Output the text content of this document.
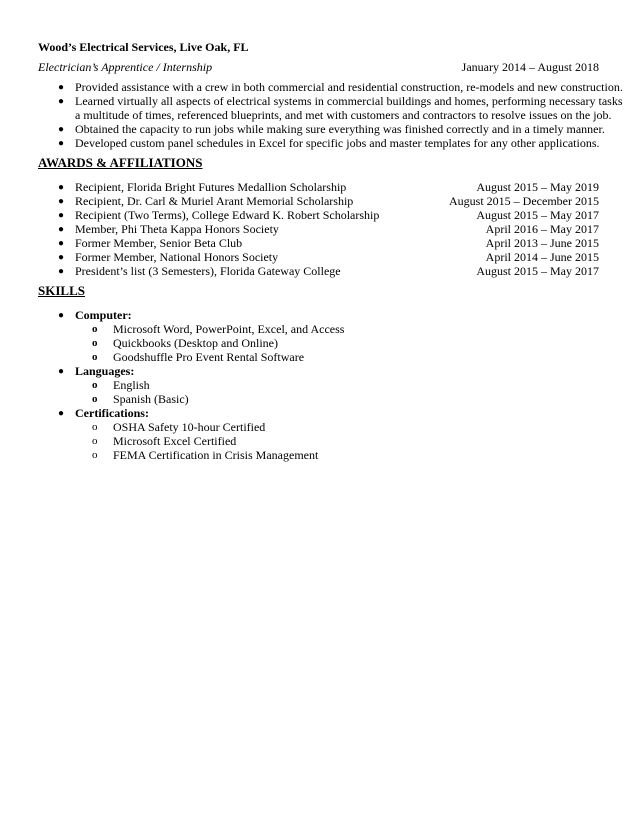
Wood’s Electrical Services, Live Oak, FL
Electrician’s Apprentice / Internship	January 2014 – August 2018
● Provided assistance with a crew in both commercial and residential construction, re-models and new construction.
● Learned virtually all aspects of electrical systems in commercial buildings and homes, performing necessary tasks
a multitude of times, referenced blueprints, and met with customers and contractors to resolve issues on the job.
● Obtained the capacity to run jobs while making sure everything was finished correctly and in a timely manner.
● Developed custom panel schedules in Excel for specific jobs and master templates for any other applications.
AWARDS & AFFILIATIONS
● Recipient, Florida Bright Futures Medallion Scholarship	August 2015 – May 2019
● Recipient, Dr. Carl & Muriel Arant Memorial Scholarship	August 2015 – December 2015
● Recipient (Two Terms), College Edward K. Robert Scholarship	August 2015 – May 2017
● Member, Phi Theta Kappa Honors Society	April 2016 – May 2017
● Former Member, Senior Beta Club	April 2013 – June 2015
● Former Member, National Honors Society	April 2014 – June 2015
● President’s list (3 Semesters), Florida Gateway College	August 2015 – May 2017
SKILLS
● Computer:
o	Microsoft Word, PowerPoint, Excel, and Access
o	Quickbooks (Desktop and Online)
o	Goodshuffle Pro Event Rental Software
● Languages:
o	English
o	Spanish (Basic)
● Certifications:
o	OSHA Safety 10-hour Certified
o	Microsoft Excel Certified
o	FEMA Certification in Crisis Management
